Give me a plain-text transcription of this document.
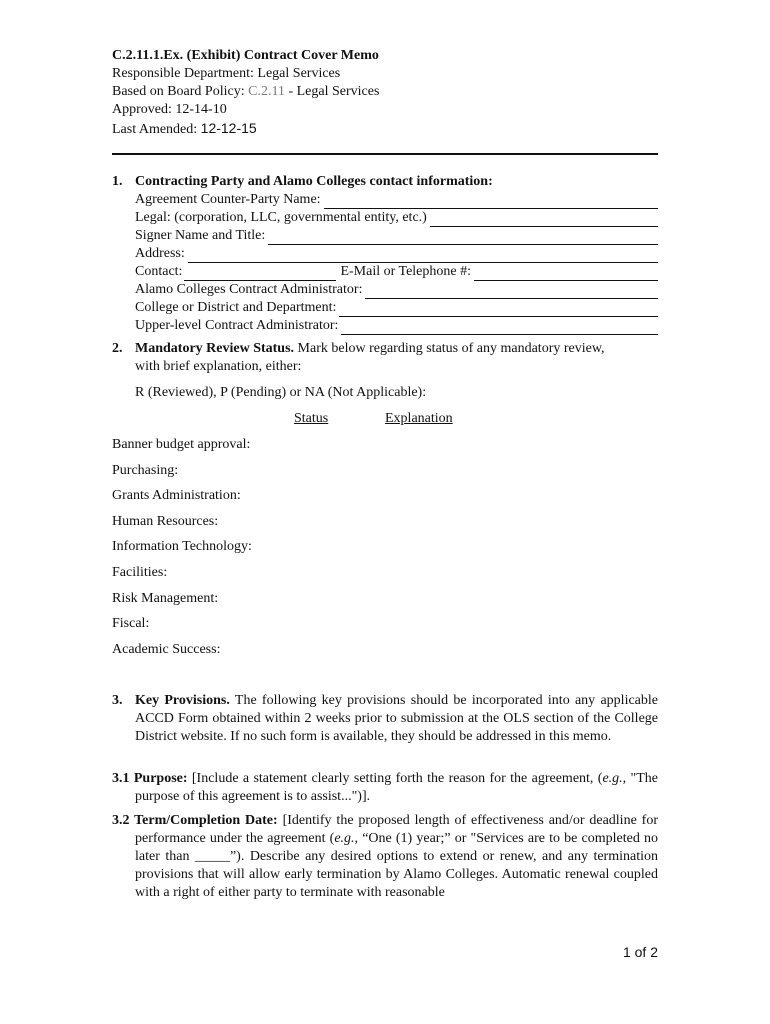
C.2.11.1.Ex. (Exhibit) Contract Cover Memo
Responsible Department: Legal Services
Based on Board Policy: C.2.11 - Legal Services
Approved: 12-14-10
Last Amended: 12-12-15
1. Contracting Party and Alamo Colleges contact information:
Agreement Counter-Party Name:
Legal: (corporation, LLC, governmental entity, etc.)
Signer Name and Title:
Address:
Contact:	E-Mail or Telephone #:
Alamo Colleges Contract Administrator:
College or District and Department:
Upper-level Contract Administrator:
2. Mandatory Review Status. Mark below regarding status of any mandatory review,
with brief explanation, either:
R (Reviewed), P (Pending) or NA (Not Applicable):
Status	Explanation
Banner budget approval:
Purchasing:
Grants Administration:
Human Resources:
Information Technology:
Facilities:
Risk Management:
Fiscal:
Academic Success:
3. Key Provisions. The following key provisions should be incorporated into any applicable ACCD Form obtained within 2 weeks prior to submission at the OLS section of the College District website. If no such form is available, they should be addressed in this memo.
3.1 Purpose: [Include a statement clearly setting forth the reason for the agreement, (e.g., "The purpose of this agreement is to assist...")].
3.2 Term/Completion Date: [Identify the proposed length of effectiveness and/or deadline for performance under the agreement (e.g., “One (1) year;” or "Services are to be completed no later than _____”). Describe any desired options to extend or renew, and any termination provisions that will allow early termination by Alamo Colleges. Automatic renewal coupled with a right of either party to terminate with reasonable
1 of 2
